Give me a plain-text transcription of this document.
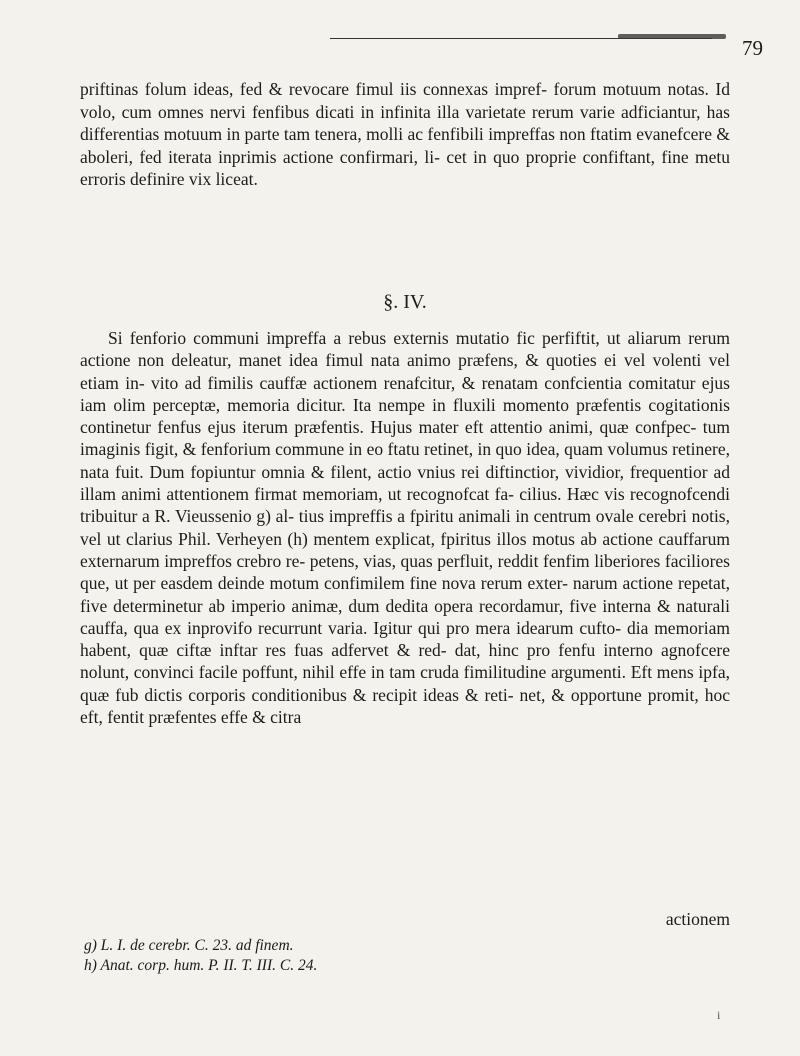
79
priftinas folum ideas, fed & revocare fimul iis connexas impref- forum motuum notas. Id volo, cum omnes nervi fenfibus dicati in infinita illa varietate rerum varie adficiantur, has differentias motuum in parte tam tenera, molli ac fenfibili impreffas non ftatim evanefcere & aboleri, fed iterata inprimis actione confirmari, li- cet in quo proprie confiftant, fine metu erroris definire vix liceat.
§. IV.
Si fenforio communi impreffa a rebus externis mutatio fic perfiftit, ut aliarum rerum actione non deleatur, manet idea fimul nata animo præfens, & quoties ei vel volenti vel etiam in- vito ad fimilis cauffæ actionem renafcitur, & renatam confcientia comitatur ejus iam olim perceptæ, memoria dicitur. Ita nempe in fluxili momento præfentis cogitationis continetur fenfus ejus iterum præfentis. Hujus mater eft attentio animi, quæ confpec- tum imaginis figit, & fenforium commune in eo ftatu retinet, in quo idea, quam volumus retinere, nata fuit. Dum fopiuntur omnia & filent, actio vnius rei diftinctior, vividior, frequentior ad illam animi attentionem firmat memoriam, ut recognofcat fa- cilius. Hæc vis recognofcendi tribuitur a R. Vieussenio g) al- tius impreffis a fpiritu animali in centrum ovale cerebri notis, vel ut clarius Phil. Verheyen (h) mentem explicat, fpiritus illos motus ab actione cauffarum externarum impreffos crebro re- petens, vias, quas perfluit, reddit fenfim liberiores faciliores que, ut per easdem deinde motum confimilem fine nova rerum exter- narum actione repetat, five determinetur ab imperio animæ, dum dedita opera recordamur, five interna & naturali cauffa, qua ex inprovifo recurrunt varia. Igitur qui pro mera idearum cufto- dia memoriam habent, quæ ciftæ inftar res fuas adfervet & red- dat, hinc pro fenfu interno agnofcere nolunt, convinci facile poffunt, nihil effe in tam cruda fimilitudine argumenti. Eft mens ipfa, quæ fub dictis corporis conditionibus & recipit ideas & reti- net, & opportune promit, hoc eft, fentit præfentes effe & citra
actionem
g) L. I. de cerebr. C. 23. ad finem.
h) Anat. corp. hum. P. II. T. III. C. 24.
i
